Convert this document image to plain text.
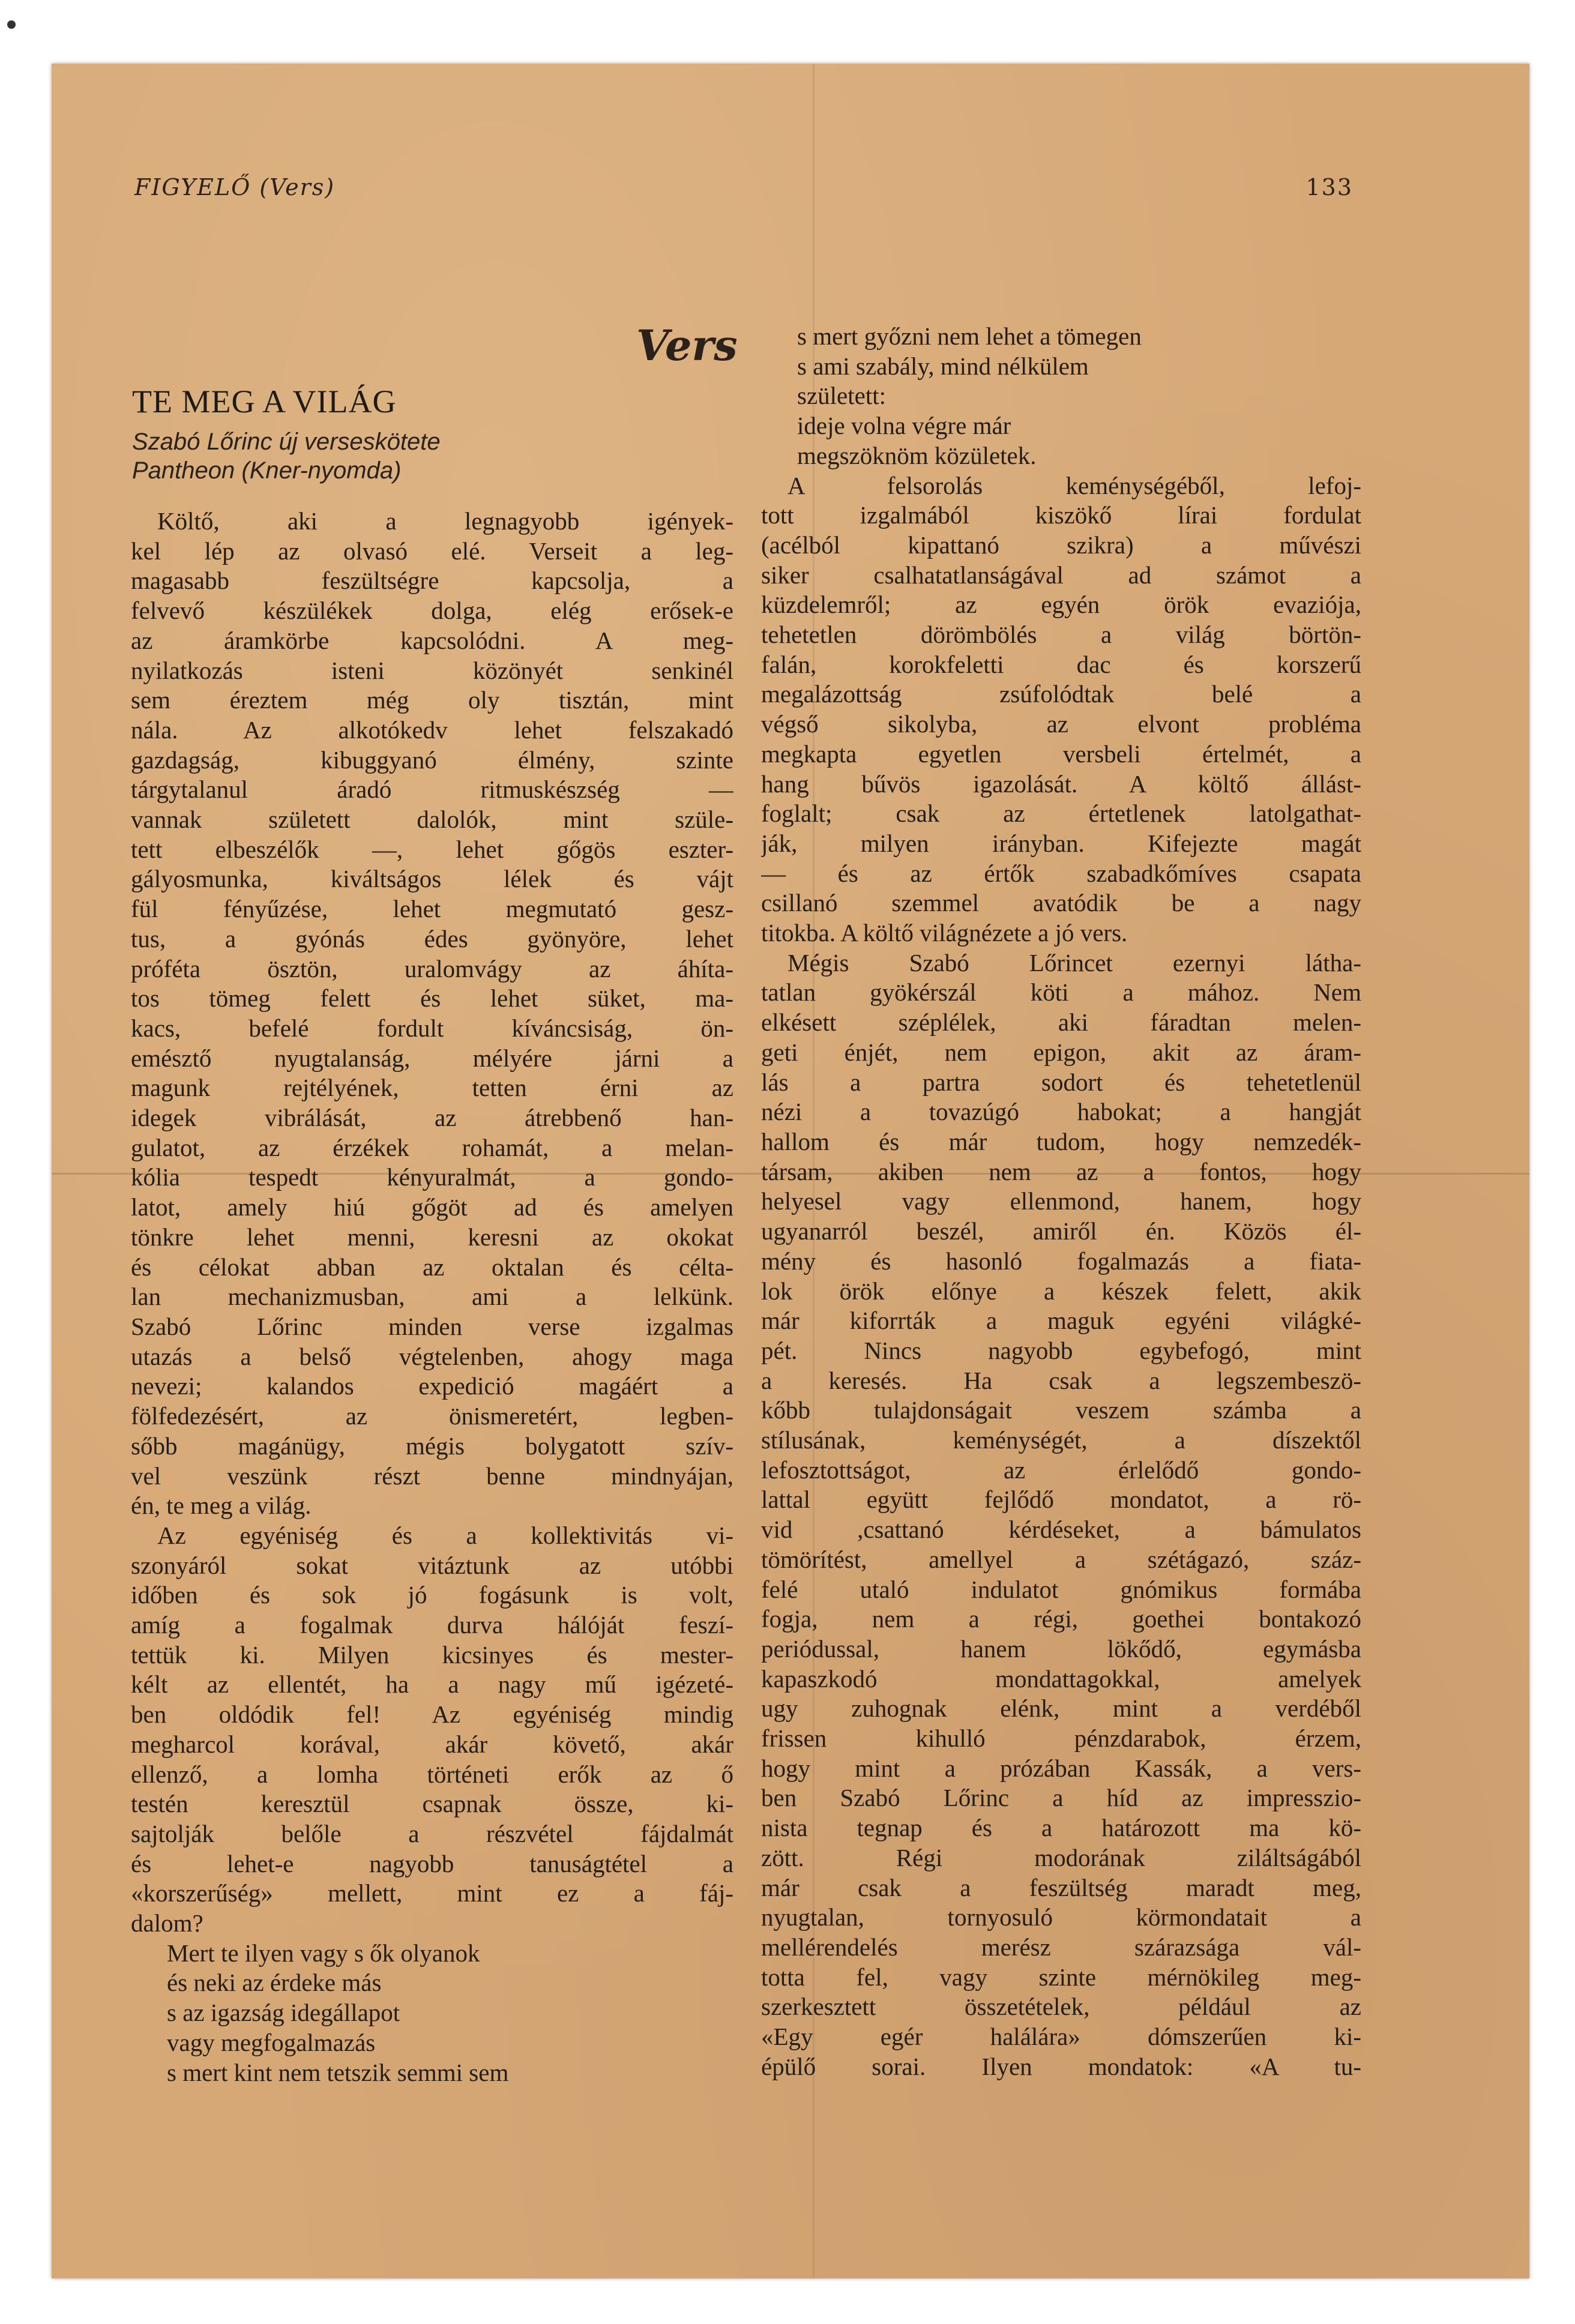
FIGYELŐ (Vers)	133
Vers
TE MEG A VILÁG
Szabó Lőrinc új verseskötete
Pantheon (Kner-nyomda)
Költő, aki a legnagyobb igények-
kel lép az olvasó elé. Verseit a leg-
magasabb feszültségre kapcsolja, a
felvevő készülékek dolga, elég erősek-e
az áramkörbe kapcsolódni. A meg-
nyilatkozás isteni közönyét senkinél
sem éreztem még oly tisztán, mint
nála. Az alkotókedv lehet felszakadó
gazdagság, kibuggyanó élmény, szinte
tárgytalanul áradó ritmuskészség —
vannak született dalolók, mint szüle-
tett elbeszélők —, lehet gőgös eszter-
gályosmunka, kiváltságos lélek és vájt
fül fényűzése, lehet megmutató gesz-
tus, a gyónás édes gyönyöre, lehet
próféta ösztön, uralomvágy az áhíta-
tos tömeg felett és lehet süket, ma-
kacs, befelé fordult kíváncsiság, ön-
emésztő nyugtalanság, mélyére járni a
magunk rejtélyének, tetten érni az
idegek vibrálását, az átrebbenő han-
gulatot, az érzékek rohamát, a melan-
kólia tespedt kényuralmát, a gondo-
latot, amely hiú gőgöt ad és amelyen
tönkre lehet menni, keresni az okokat
és célokat abban az oktalan és célta-
lan mechanizmusban, ami a lelkünk.
Szabó Lőrinc minden verse izgalmas
utazás a belső végtelenben, ahogy maga
nevezi; kalandos expedició magáért a
fölfedezésért, az önismeretért, legben-
sőbb magánügy, mégis bolygatott szív-
vel veszünk részt benne mindnyájan,
én, te meg a világ.
Az egyéniség és a kollektivitás vi-
szonyáról sokat vitáztunk az utóbbi
időben és sok jó fogásunk is volt,
amíg a fogalmak durva hálóját feszí-
tettük ki. Milyen kicsinyes és mester-
kélt az ellentét, ha a nagy mű igézeté-
ben oldódik fel! Az egyéniség mindig
megharcol korával, akár követő, akár
ellenző, a lomha történeti erők az ő
testén keresztül csapnak össze, ki-
sajtolják belőle a részvétel fájdalmát
és lehet-e nagyobb tanuságtétel a
«korszerűség» mellett, mint ez a fáj-
dalom?
Mert te ilyen vagy s ők olyanok
és neki az érdeke más
s az igazság idegállapot
vagy megfogalmazás
s mert kint nem tetszik semmi sem
s mert győzni nem lehet a tömegen
s ami szabály, mind nélkülem
született:
ideje volna végre már
megszöknöm közületek.
A felsorolás keménységéből, lefoj-
tott izgalmából kiszökő lírai fordulat
(acélból kipattanó szikra) a művészi
siker csalhatatlanságával ad számot a
küzdelemről; az egyén örök evaziója,
tehetetlen dörömbölés a világ börtön-
falán, korokfeletti dac és korszerű
megalázottság zsúfolódtak belé a
végső sikolyba, az elvont probléma
megkapta egyetlen versbeli értelmét, a
hang bűvös igazolását. A költő állást-
foglalt; csak az értetlenek latolgathat-
ják, milyen irányban. Kifejezte magát
— és az értők szabadkőmíves csapata
csillanó szemmel avatódik be a nagy
titokba. A költő világnézete a jó vers.
Mégis Szabó Lőrincet ezernyi látha-
tatlan gyökérszál köti a mához. Nem
elkésett széplélek, aki fáradtan melen-
geti énjét, nem epigon, akit az áram-
lás a partra sodort és tehetetlenül
nézi a tovazúgó habokat; a hangját
hallom és már tudom, hogy nemzedék-
társam, akiben nem az a fontos, hogy
helyesel vagy ellenmond, hanem, hogy
ugyanarról beszél, amiről én. Közös él-
mény és hasonló fogalmazás a fiata-
lok örök előnye a készek felett, akik
már kiforrták a maguk egyéni világké-
pét. Nincs nagyobb egybefogó, mint
a keresés. Ha csak a legszembeszö-
kőbb tulajdonságait veszem számba a
stílusának, keménységét, a díszektől
lefosztottságot, az érlelődő gondo-
lattal együtt fejlődő mondatot, a rö-
vid ,csattanó kérdéseket, a bámulatos
tömörítést, amellyel a szétágazó, száz-
felé utaló indulatot gnómikus formába
fogja, nem a régi, goethei bontakozó
periódussal, hanem lökődő, egymásba
kapaszkodó mondattagokkal, amelyek
ugy zuhognak elénk, mint a verdéből
frissen kihulló pénzdarabok, érzem,
hogy mint a prózában Kassák, a vers-
ben Szabó Lőrinc a híd az impresszio-
nista tegnap és a határozott ma kö-
zött. Régi modorának ziláltságából
már csak a feszültség maradt meg,
nyugtalan, tornyosuló körmondatait a
mellérendelés merész szárazsága vál-
totta fel, vagy szinte mérnökileg meg-
szerkesztett összetételek, például az
«Egy egér halálára» dómszerűen ki-
épülő sorai. Ilyen mondatok: «A tu-
